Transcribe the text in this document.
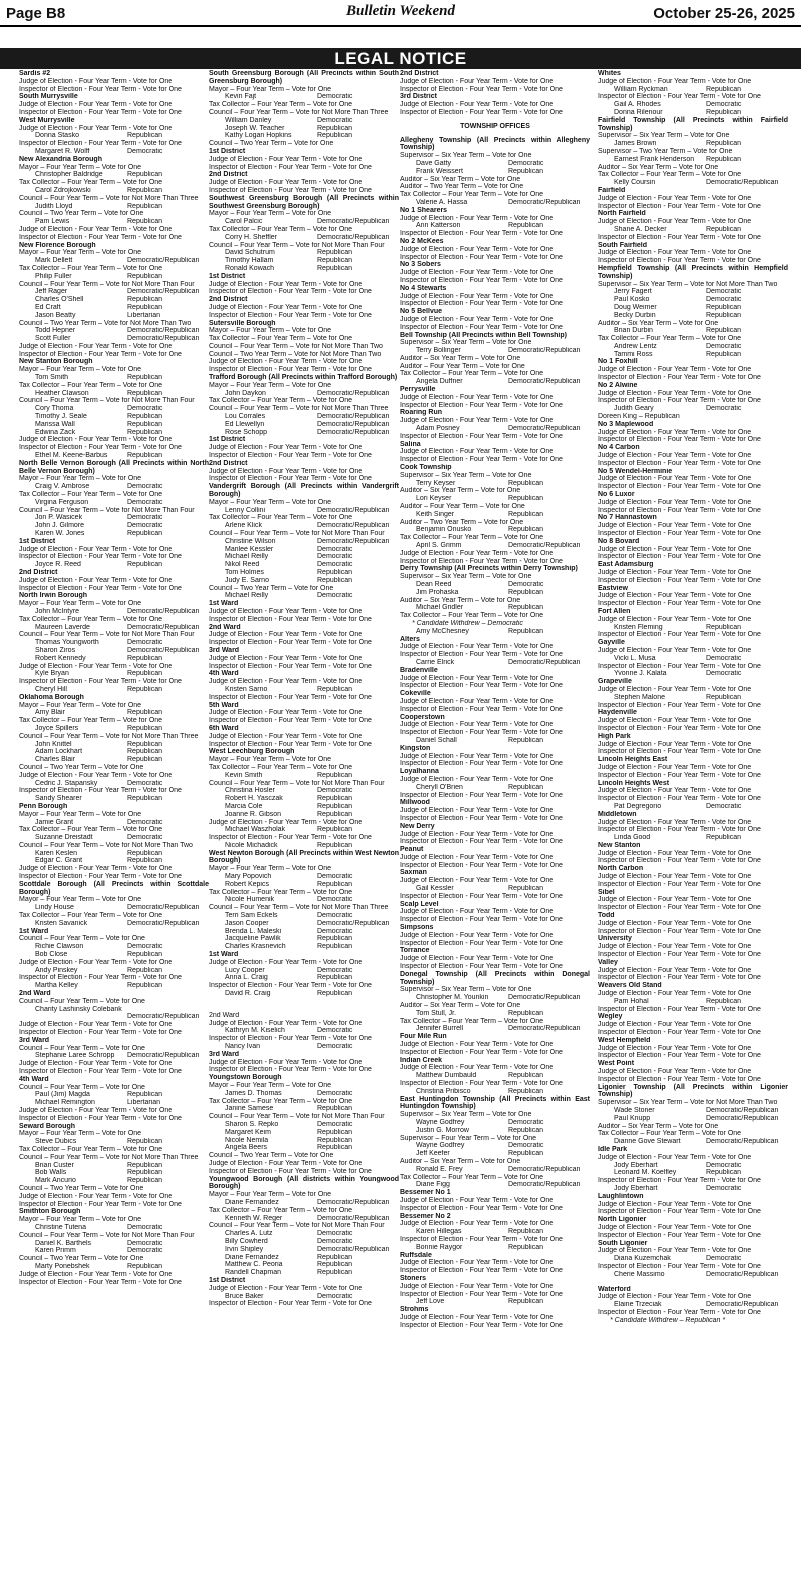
Page B8	Bulletin Weekend	October 25-26, 2025
LEGAL NOTICE
Sardis #2
Judge of Election - Four Year Term - Vote for One
Inspector of Election - Four Year Term - Vote for One
South Murrysville
Judge of Election - Four Year Term - Vote for One
Inspector of Election - Four Year Term - Vote for One
West Murrysville
Judge of Election - Four Year Term - Vote for One
Donna Stasko	Republican
Inspector of Election - Four Year Term - Vote for One
Margaret R. Wolff	Democratic
New Alexandria Borough
Mayor – Four Year Term – Vote for One
Christopher Baldridge	Republican
Tax Collector – Four Year Term – Vote for One
Carol Zdrojkowski	Republican
Council – Four Year Term – Vote for Not More Than Three
Judith Lloyd	Republican
Council – Two Year Term – Vote for One
Pam Lewis	Republican
Judge of Election - Four Year Term - Vote for One
Inspector of Election - Four Year Term - Vote for One
New Florence Borough
Mayor – Four Year Term – Vote for One
Mark Dellett	Democratic/Republican
Tax Collector – Four Year Term – Vote for One
Philip Fuller	Republican
Council – Four Year Term – Vote for Not More Than Four
Jeff Rager	Democratic/Republican
Charles O'Shell	Republican
Ed Craft	Republican
Jason Beatty	Libertarian
Council – Two Year Term – Vote for Not More Than Two
Todd Hepner	Democratic/Republican
Scott Fuller	Democratic/Republican
Judge of Election - Four Year Term - Vote for One
Inspector of Election - Four Year Term - Vote for One
New Stanton Borough
Mayor – Four Year Term – Vote for One
Tom Smith	Republican
Tax Collector – Four Year Term – Vote for One
Heather Clawson	Republican
Council – Four Year Term – Vote for Not More Than Four
Cory Thoma	Democratic
Timothy J. Seale	Republican
Marissa Wall	Republican
Edwina Zack	Republican
Judge of Election - Four Year Term - Vote for One
Inspector of Election - Four Year Term - Vote for One
Ethel M. Keene-Barbus	Republican
North Belle Vernon Borough (All Precincts within North Belle Vernon Borough)
Mayor – Four Year Term – Vote for One
Craig V. Ambrose	Democratic
Tax Collector – Four Year Term – Vote for One
Virgina Ferguson	Democratic
Council – Four Year Term – Vote for Not More Than Four
Jon P. Wasicek	Democratic
John J. Gilmore	Democratic
Karen W. Jones	Republican
1st District
Judge of Election - Four Year Term - Vote for One
Inspector of Election - Four Year Term - Vote for One
Joyce R. Reed	Republican
2nd District
Judge of Election - Four Year Term - Vote for One
Inspector of Election - Four Year Term - Vote for One
North Irwin Borough
Mayor – Four Year Term – Vote for One
John McIntyre	Democratic/Republican
Tax Collector – Four Year Term – Vote for One
Maureen Laverde	Democratic/Republican
Council – Four Year Term – Vote for Not More Than Four
Thomas Youngworth	Democratic
Sharon Ziros	Democratic/Republican
Robert Kennedy	Republican
Judge of Election - Four Year Term - Vote for One
Kyle Bryan	Republican
Inspector of Election - Four Year Term - Vote for One
Cheryl Hill	Republican
Oklahoma Borough
Mayor – Four Year Term – Vote for One
Amy Blair	Republican
Tax Collector – Four Year Term – Vote for One
Joyce Spillers	Republican
Council – Four Year Term – Vote for Not More Than Three
John Knittel	Republican
Adam Lockhart	Republican
Charles Blair	Republican
Council – Two Year Term – Vote for One
Judge of Election - Four Year Term - Vote for One
Cedric J. Stapansky	Democratic
Inspector of Election - Four Year Term - Vote for One
Sandy Shearer	Republican
Penn Borough
Mayor – Four Year Term – Vote for One
Jamie Grant	Democratic
Tax Collector – Four Year Term – Vote for One
Suzanne Dreistadt	Democratic
Council – Four Year Term – Vote for Not More Than Two
Karen Keslen	Republican
Edgar C. Grant	Republican
Judge of Election - Four Year Term - Vote for One
Inspector of Election - Four Year Term - Vote for One
Scottdale Borough (All Precincts within Scottdale Borough)
Mayor – Four Year Term – Vote for One
Lindy House	Democratic/Republican
Tax Collector – Four Year Term – Vote for One
Kristen Savanick	Democratic/Republican
1st Ward
Council – Four Year Term – Vote for One
Richie Clawson	Democratic
Bob Close	Republican
Judge of Election - Four Year Term - Vote for One
Andy Pinskey	Republican
Inspector of Election - Four Year Term - Vote for One
Martha Kelley	Republican
2nd Ward
Council – Four Year Term – Vote for One
Charity Lashinsky Colebank
Democratic/Republican
Judge of Election - Four Year Term - Vote for One
Inspector of Election - Four Year Term - Vote for One
3rd Ward
Council – Four Year Term – Vote for One
Stephanie Laree Schropp Democratic/Republican
Judge of Election - Four Year Term - Vote for One
Inspector of Election - Four Year Term - Vote for One
4th Ward
Council – Four Year Term – Vote for One
Paul (Jim) Magda	Republican
Michael Remington	Libertarian
Judge of Election - Four Year Term - Vote for One
Inspector of Election - Four Year Term - Vote for One
Seward Borough
Mayor – Four Year Term – Vote for One
Steve Dubics	Republican
Tax Collector – Four Year Term – Vote for One
Council – Four Year Term – Vote for Not More Than Three
Brian Custer	Republican
Bob Walls	Republican
Mark Ancurio	Republican
Council – Two Year Term – Vote for One
Judge of Election - Four Year Term - Vote for One
Inspector of Election - Four Year Term - Vote for One
Smithton Borough
Mayor – Four Year Term – Vote for One
Christine Tutena	Democratic
Council – Four Year Term – Vote for Not More Than Four
Daniel K. Barthels	Democratic
Karen Primm	Democratic
Council – Two Year Term – Vote for One
Marty Ponebshek	Republican
Judge of Election - Four Year Term - Vote for One
Inspector of Election - Four Year Term - Vote for One
South Greensburg Borough (All Precincts within South Greensburg Borough)
Mayor – Four Year Term – Vote for One
Kevin Fajt	Democratic
Tax Collector – Four Year Term – Vote for One
Council – Four Year Term – Vote for Not More Than Three
William Danley	Democratic
Joseph W. Teacher	Republican
Kathy Logan Hopkins	Republican
Council – Two Year Term – Vote for One
1st District
Judge of Election - Four Year Term - Vote for One
Inspector of Election - Four Year Term - Vote for One
2nd District
Judge of Election - Four Year Term - Vote for One
Inspector of Election - Four Year Term - Vote for One
Southwest Greensburg Borough (All Precincts within Southwest Greensburg Borough)
Mayor – Four Year Term – Vote for One
Carol Palcic	Democratic/Republican
Tax Collector – Four Year Term – Vote for One
Corry H. Sheffler	Democratic/Republican
Council – Four Year Term – Vote for Not More Than Four
David Schutrum	Republican
Timothy Hallam	Republican
Ronald Kowach	Republican
1st District
Judge of Election - Four Year Term - Vote for One
Inspector of Election - Four Year Term - Vote for One
2nd District
Judge of Election - Four Year Term - Vote for One
Inspector of Election - Four Year Term - Vote for One
Sutersville Borough
Mayor – Four Year Term – Vote for One
Tax Collector – Four Year Term – Vote for One
Council – Four Year Term – Vote for Not More Than Two
Council – Two Year Term – Vote for Not More Than Two
Judge of Election - Four Year Term - Vote for One
Inspector of Election - Four Year Term - Vote for One
Trafford Borough (All Precincts within Trafford Borough)
Mayor – Four Year Term – Vote for One
John Daykon	Democratic/Republican
Tax Collector – Four Year Term – Vote for One
Council – Four Year Term – Vote for Not More Than Three
Lou Corrales	Democratic/Republican
Ed Llewellyn	Democratic/Republican
Rose Schopp	Democratic/Republican
1st District
Judge of Election - Four Year Term - Vote for One
Inspector of Election - Four Year Term - Vote for One
2nd District
Judge of Election - Four Year Term - Vote for One
Inspector of Election - Four Year Term - Vote for One
Vandergrift Borough (All Precincts within Vandergrift Borough)
Mayor – Four Year Term – Vote for One
Lenny Collini	Democratic/Republican
Tax Collector – Four Year Term – Vote for One
Arlene Klick	Democratic/Republican
Council – Four Year Term – Vote for Not More Than Four
Christine Wilson	Democratic/Republican
Marilee Kessler	Democratic
Michael Reilly	Democratic
Nikol Reed	Democratic
Tom Holmes	Republican
Judy E. Sarno	Republican
Council – Two Year Term – Vote for One
Michael Reilly	Democratic
1st Ward
Judge of Election - Four Year Term - Vote for One
Inspector of Election - Four Year Term - Vote for One
2nd Ward
Judge of Election - Four Year Term - Vote for One
Inspector of Election - Four Year Term - Vote for One
3rd Ward
Judge of Election - Four Year Term - Vote for One
Inspector of Election - Four Year Term - Vote for One
4th Ward
Judge of Election - Four Year Term - Vote for One
Kristen Sarno	Republican
Inspector of Election - Four Year Term - Vote for One
5th Ward
Judge of Election - Four Year Term - Vote for One
Inspector of Election - Four Year Term - Vote for One
6th Ward
Judge of Election - Four Year Term - Vote for One
Inspector of Election - Four Year Term - Vote for One
West Leechburg Borough
Mayor – Four Year Term – Vote for One
Tax Collector – Four Year Term – Vote for One
Kevin Smith	Republican
Council – Four Year Term – Vote for Not More Than Four
Christina Hosler	Democratic
Robert H. Yasczak	Republican
Marcia Cole	Republican
Joanne R. Gibson	Republican
Judge of Election - Four Year Term - Vote for One
Michael Waszholak	Republican
Inspector of Election - Four Year Term - Vote for One
Nicole Michadick	Republican
West Newton Borough (All Precincts within West Newton Borough)
Mayor – Four Year Term – Vote for One
Mary Popovich	Democratic
Robert Kepics	Republican
Tax Collector – Four Year Term – Vote for One
Nicole Humenik	Democratic
Council – Four Year Term – Vote for Not More Than Three
Terri Sam Eckels	Democratic
Jason Cooper	Democratic/Republican
Brenda L. Maleski	Democratic
Jacqueline Pawlik	Republican
Charles Krasnevich	Republican
1st Ward
Judge of Election - Four Year Term - Vote for One
Lucy Cooper	Democratic
Anna L. Craig	Republican
Inspector of Election - Four Year Term - Vote for One
David R. Craig	Republican
2nd Ward
Judge of Election - Four Year Term - Vote for One
Kathryn M. Kiselich	Democratic
Inspector of Election - Four Year Term - Vote for One
Nancy Ivan	Democratic
3rd Ward
Judge of Election - Four Year Term - Vote for One
Inspector of Election - Four Year Term - Vote for One
Youngstown Borough
Mayor – Four Year Term – Vote for One
James D. Thomas	Democratic
Tax Collector – Four Year Term – Vote for One
Janine Samese	Republican
Council – Four Year Term – Vote for Not More Than Four
Sharon S. Repko	Democratic
Margaret Keim	Republican
Nicole Nemila	Republican
Angela Beers	Republican
Council – Two Year Term – Vote for One
Judge of Election - Four Year Term - Vote for One
Inspector of Election - Four Year Term - Vote for One
Youngwood Borough (All districts within Youngwood Borough)
Mayor – Four Year Term – Vote for One
Diane Fernandez	Democratic/Republican
Tax Collector – Four Year Term – Vote for One
Kenneth W. Reger	Democratic/Republican
Council – Four Year Term – Vote for Not More Than Four
Charles A. Lutz	Democratic
Billy Cowherd	Democratic
Irvin Shipley	Democratic/Republican
Diane Fernandez	Republican
Matthew C. Peoria	Republican
Randell Chapman	Republican
1st District
Judge of Election - Four Year Term - Vote for One
Bruce Baker	Democratic
Inspector of Election - Four Year Term - Vote for One
2nd District
Judge of Election - Four Year Term - Vote for One
Inspector of Election - Four Year Term - Vote for One
3rd District
Judge of Election - Four Year Term - Vote for One
Inspector of Election - Four Year Term - Vote for One
TOWNSHIP OFFICES
Allegheny Township (All Precincts within Allegheny Township)
Supervisor – Six Year Term – Vote for One
Dave Gatty	Democratic
Frank Weissert	Republican
Auditor – Six Year Term – Vote for One
Auditor – Two Year Term – Vote for One
Tax Collector – Four Year Term – Vote for One
Valerie A. Hassa	Democratic/Republican
No 1 Shearers
Judge of Election - Four Year Term - Vote for One
Ann Katterson	Republican
Inspector of Election - Four Year Term - Vote for One
No 2 McKees
Judge of Election - Four Year Term - Vote for One
Inspector of Election - Four Year Term - Vote for One
No 3 Sobers
Judge of Election - Four Year Term - Vote for One
Inspector of Election - Four Year Term - Vote for One
No 4 Stewarts
Judge of Election - Four Year Term - Vote for One
Inspector of Election - Four Year Term - Vote for One
No 5 Bellvue
Judge of Election - Four Year Term - Vote for One
Inspector of Election - Four Year Term - Vote for One
Bell Township (All Precincts within Bell Township)
Supervisor – Six Year Term – Vote for One
Terry Bollinger	Democratic/Republican
Auditor – Six Year Term – Vote for One
Auditor – Four Year Term – Vote for One
Tax Collector – Four Year Term – Vote for One
Angela Duffner	Democratic/Republican
Perrysville
Judge of Election - Four Year Term - Vote for One
Inspector of Election - Four Year Term - Vote for One
Roaring Run
Judge of Election - Four Year Term - Vote for One
Adam Posney	Democratic/Republican
Inspector of Election - Four Year Term - Vote for One
Salina
Judge of Election - Four Year Term - Vote for One
Inspector of Election - Four Year Term - Vote for One
Cook Township
Supervisor – Six Year Term – Vote for One
Terry Keyser	Republican
Auditor – Six Year Term – Vote for One
Lori Keyser	Republican
Auditor – Four Year Term – Vote for One
Keith Singer	Republican
Auditor – Two Year Term – Vote for One
Benjamin Onusko	Republican
Tax Collector – Four Year Term – Vote for One
April S. Grimm	Democratic/Republican
Judge of Election - Four Year Term - Vote for One
Inspector of Election - Four Year Term - Vote for One
Derry Township (All Precincts within Derry Township)
Supervisor – Six Year Term – Vote for One
Dean Reed	Democratic
Jim Prohaska	Republican
Auditor – Six Year Term – Vote for One
Michael Gridler	Republican
Tax Collector – Four Year Term – Vote for One
* Candidate Withdrew – Democratic
Amy McChesney	Republican
Alters
Judge of Election - Four Year Term - Vote for One
Inspector of Election - Four Year Term - Vote for One
Carrie Elrick	Democratic/Republican
Bradenville
Judge of Election - Four Year Term - Vote for One
Inspector of Election - Four Year Term - Vote for One
Cokeville
Judge of Election - Four Year Term - Vote for One
Inspector of Election - Four Year Term - Vote for One
Cooperstown
Judge of Election - Four Year Term - Vote for One
Inspector of Election - Four Year Term - Vote for One
Daniel Schall	Republican
Kingston
Judge of Election - Four Year Term - Vote for One
Inspector of Election - Four Year Term - Vote for One
Loyalhanna
Judge of Election - Four Year Term - Vote for One
Cheryll O'Brien	Republican
Inspector of Election - Four Year Term - Vote for One
Millwood
Judge of Election - Four Year Term - Vote for One
Inspector of Election - Four Year Term - Vote for One
New Derry
Judge of Election - Four Year Term - Vote for One
Inspector of Election - Four Year Term - Vote for One
Peanut
Judge of Election - Four Year Term - Vote for One
Inspector of Election - Four Year Term - Vote for One
Saxman
Judge of Election - Four Year Term - Vote for One
Gail Kessler	Republican
Inspector of Election - Four Year Term - Vote for One
Scalp Level
Judge of Election - Four Year Term - Vote for One
Inspector of Election - Four Year Term - Vote for One
Simpsons
Judge of Election - Four Year Term - Vote for One
Inspector of Election - Four Year Term - Vote for One
Torrance
Judge of Election - Four Year Term - Vote for One
Inspector of Election - Four Year Term - Vote for One
Donegal Township (All Precincts within Donegal Township)
Supervisor – Six Year Term – Vote for One
Christopher M. Younkin	Democratic/Republican
Auditor – Six Year Term – Vote for One
Tom Stull, Jr.	Republican
Tax Collector – Four Year Term – Vote for One
Jennifer Burrell	Democratic/Republican
Four Mile Run
Judge of Election - Four Year Term - Vote for One
Inspector of Election - Four Year Term - Vote for One
Indian Creek
Judge of Election - Four Year Term - Vote for One
Matthew Dumbauld	Republican
Inspector of Election - Four Year Term - Vote for One
Christina Pribisco	Republican
East Huntingdon Township (All Precincts within East Huntingdon Township)
Supervisor – Six Year Term – Vote for One
Wayne Godfrey	Democratic
Justin G. Morrow	Republican
Supervisor – Four Year Term – Vote for One
Wayne Godfrey	Democratic
Jeff Keefer	Republican
Auditor – Six Year Term – Vote for One
Ronald E. Frey	Democratic/Republican
Tax Collector – Four Year Term – Vote for One
Diane Figg	Democratic/Republican
Bessemer No 1
Judge of Election - Four Year Term - Vote for One
Inspector of Election - Four Year Term - Vote for One
Bessemer No 2
Judge of Election - Four Year Term - Vote for One
Karen Hillegas	Republican
Inspector of Election - Four Year Term - Vote for One
Bonnie Raygor	Republican
Ruffsdale
Judge of Election - Four Year Term - Vote for One
Inspector of Election - Four Year Term - Vote for One
Stoners
Judge of Election - Four Year Term - Vote for One
Inspector of Election - Four Year Term - Vote for One
Jeff Love	Republican
Strohms
Judge of Election - Four Year Term - Vote for One
Inspector of Election - Four Year Term - Vote for One
Whites
Judge of Election - Four Year Term - Vote for One
William Ryckman	Republican
Inspector of Election - Four Year Term - Vote for One
Gail A. Rhodes	Democratic
Donna Rilenour	Republican
Fairfield Township (All Precincts within Fairfield Township)
Supervisor – Six Year Term – Vote for One
James Brown	Republican
Supervisor – Two Year Term – Vote for One
Earnest Frank Henderson Republican
Auditor – Six Year Term – Vote for One
Tax Collector – Four Year Term – Vote for One
Kelly Coursin	Democratic/Republican
Fairfield
Judge of Election - Four Year Term - Vote for One
Inspector of Election - Four Year Term - Vote for One
North Fairfield
Judge of Election - Four Year Term - Vote for One
Shane A. Decker	Republican
Inspector of Election - Four Year Term - Vote for One
South Fairfield
Judge of Election - Four Year Term - Vote for One
Inspector of Election - Four Year Term - Vote for One
Hempfield Township (All Precincts within Hempfield Township)
Supervisor – Six Year Term – Vote for Not More Than Two
Jerry Fagert	Democratic
Paul Kosko	Democratic
Doug Weimer	Republican
Becky Durbin	Republican
Auditor – Six Year Term – Vote for One
Brian Durbin	Republican
Tax Collector – Four Year Term – Vote for One
Andrew Lentz	Democratic
Tammi Ross	Republican
No 1 Foxhill
Judge of Election - Four Year Term - Vote for One
Inspector of Election - Four Year Term - Vote for One
No 2 Alwine
Judge of Election - Four Year Term - Vote for One
Inspector of Election - Four Year Term - Vote for One
Judith Geary	Democratic
Doreen King – Republican
No 3 Maplewood
Judge of Election - Four Year Term - Vote for One
Inspector of Election - Four Year Term - Vote for One
No 4 Carbon
Judge of Election - Four Year Term - Vote for One
Inspector of Election - Four Year Term - Vote for One
No 5 Wendel-Herminie
Judge of Election - Four Year Term - Vote for One
Inspector of Election - Four Year Term - Vote for One
No 6 Luxor
Judge of Election - Four Year Term - Vote for One
Inspector of Election - Four Year Term - Vote for One
No 7 Hannastown
Judge of Election - Four Year Term - Vote for One
Inspector of Election - Four Year Term - Vote for One
No 8 Bovard
Judge of Election - Four Year Term - Vote for One
Inspector of Election - Four Year Term - Vote for One
East Adamsburg
Judge of Election - Four Year Term - Vote for One
Inspector of Election - Four Year Term - Vote for One
Eastview
Judge of Election - Four Year Term - Vote for One
Inspector of Election - Four Year Term - Vote for One
Fort Allen
Judge of Election - Four Year Term - Vote for One
Kristen Fleming	Republican
Inspector of Election - Four Year Term - Vote for One
Gayville
Judge of Election - Four Year Term - Vote for One
Vicki L. Musa	Democratic
Inspector of Election - Four Year Term - Vote for One
Yvonne J. Kalata	Democratic
Grapeville
Judge of Election - Four Year Term - Vote for One
Stephen Malone	Republican
Inspector of Election - Four Year Term - Vote for One
Haydenville
Judge of Election - Four Year Term - Vote for One
Inspector of Election - Four Year Term - Vote for One
High Park
Judge of Election - Four Year Term - Vote for One
Inspector of Election - Four Year Term - Vote for One
Lincoln Heights East
Judge of Election - Four Year Term - Vote for One
Inspector of Election - Four Year Term - Vote for One
Lincoln Heights West
Judge of Election - Four Year Term - Vote for One
Inspector of Election - Four Year Term - Vote for One
Pat Degregorio	Democratic
Middletown
Judge of Election - Four Year Term - Vote for One
Inspector of Election - Four Year Term - Vote for One
Linda Good	Republican
New Stanton
Judge of Election - Four Year Term - Vote for One
Inspector of Election - Four Year Term - Vote for One
North Carbon
Judge of Election - Four Year Term - Vote for One
Inspector of Election - Four Year Term - Vote for One
Sibel
Judge of Election - Four Year Term - Vote for One
Inspector of Election - Four Year Term - Vote for One
Todd
Judge of Election - Four Year Term - Vote for One
Inspector of Election - Four Year Term - Vote for One
University
Judge of Election - Four Year Term - Vote for One
Inspector of Election - Four Year Term - Vote for One
Valley
Judge of Election - Four Year Term - Vote for One
Inspector of Election - Four Year Term - Vote for One
Weavers Old Stand
Judge of Election - Four Year Term - Vote for One
Pam Hohal	Republican
Inspector of Election - Four Year Term - Vote for One
Wegley
Judge of Election - Four Year Term - Vote for One
Inspector of Election - Four Year Term - Vote for One
West Hempfield
Judge of Election - Four Year Term - Vote for One
Inspector of Election - Four Year Term - Vote for One
West Point
Judge of Election - Four Year Term - Vote for One
Inspector of Election - Four Year Term - Vote for One
Ligonier Township (All Precincts within Ligonier Township)
Supervisor – Six Year Term – Vote for Not More Than Two
Wade Stoner	Democratic/Republican
Paul Knupp	Democratic/Republican
Auditor – Six Year Term – Vote for One
Tax Collector – Four Year Term – Vote for One
Dianne Gove Stewart	Democratic/Republican
Idle Park
Judge of Election - Four Year Term - Vote for One
Jody Eberhart	Democratic
Leonard M. Koelfley	Republican
Inspector of Election - Four Year Term - Vote for One
Jody Eberhart	Democratic
Laughlintown
Judge of Election - Four Year Term - Vote for One
Inspector of Election - Four Year Term - Vote for One
North Ligonier
Judge of Election - Four Year Term - Vote for One
Inspector of Election - Four Year Term - Vote for One
South Ligonier
Judge of Election - Four Year Term - Vote for One
Diana Kuzemchak	Democratic
Inspector of Election - Four Year Term - Vote for One
Cherie Massimo	Democratic/Republican
Waterford
Judge of Election - Four Year Term - Vote for One
Elaine Trzeciak	Democratic/Republican
Inspector of Election - Four Year Term - Vote for One
* Candidate Withdrew – Republican *
